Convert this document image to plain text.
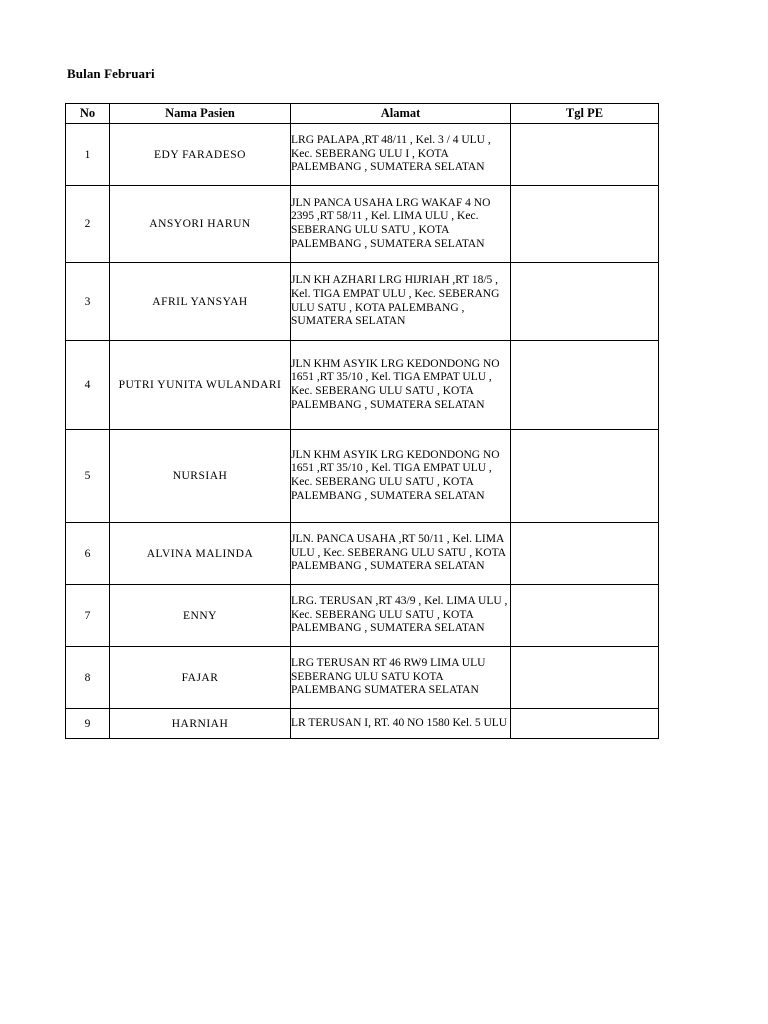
Bulan Februari
No	Nama Pasien	Alamat	Tgl PE
1	EDY FARADESO	LRG PALAPA ,RT 48/11 , Kel. 3 / 4 ULU , Kec. SEBERANG ULU I , KOTA PALEMBANG , SUMATERA SELATAN	
2	ANSYORI HARUN	JLN PANCA USAHA LRG WAKAF 4 NO 2395 ,RT 58/11 , Kel. LIMA ULU , Kec. SEBERANG ULU SATU , KOTA PALEMBANG , SUMATERA SELATAN	
3	AFRIL YANSYAH	JLN KH AZHARI LRG HIJRIAH ,RT 18/5 , Kel. TIGA EMPAT ULU , Kec. SEBERANG ULU SATU , KOTA PALEMBANG , SUMATERA SELATAN	
4	PUTRI YUNITA WULANDARI	JLN KHM ASYIK LRG KEDONDONG NO 1651 ,RT 35/10 , Kel. TIGA EMPAT ULU , Kec. SEBERANG ULU SATU , KOTA PALEMBANG , SUMATERA SELATAN	
5	NURSIAH	JLN KHM ASYIK LRG KEDONDONG NO 1651 ,RT 35/10 , Kel. TIGA EMPAT ULU , Kec. SEBERANG ULU SATU , KOTA PALEMBANG , SUMATERA SELATAN	
6	ALVINA MALINDA	JLN. PANCA USAHA ,RT 50/11 , Kel. LIMA ULU , Kec. SEBERANG ULU SATU , KOTA PALEMBANG , SUMATERA SELATAN	
7	ENNY	LRG. TERUSAN ,RT 43/9 , Kel. LIMA ULU , Kec. SEBERANG ULU SATU , KOTA PALEMBANG , SUMATERA SELATAN	
8	FAJAR	LRG TERUSAN RT 46 RW9 LIMA ULU SEBERANG ULU SATU KOTA PALEMBANG SUMATERA SELATAN	
9	HARNIAH	LR TERUSAN I, RT. 40 NO 1580 Kel. 5 ULU	
